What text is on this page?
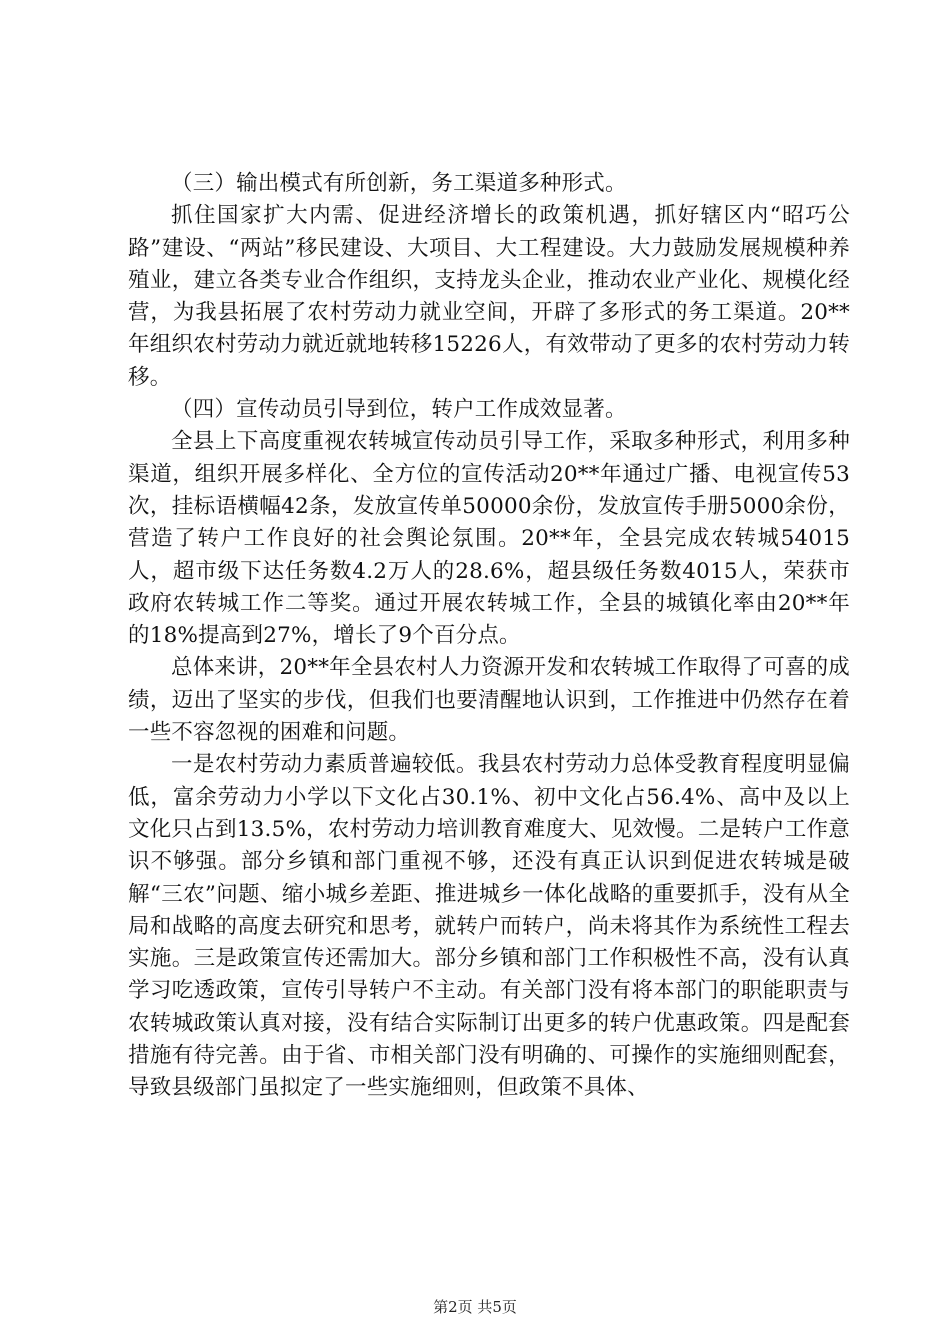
（三）输出模式有所创新，务工渠道多种形式。

抓住国家扩大内需、促进经济增长的政策机遇，抓好辖区内“昭巧公路”建设、“两站”移民建设、大项目、大工程建设。大力鼓励发展规模种养殖业，建立各类专业合作组织，支持龙头企业，推动农业产业化、规模化经营，为我县拓展了农村劳动力就业空间，开辟了多形式的务工渠道。20**年组织农村劳动力就近就地转移15226人，有效带动了更多的农村劳动力转移。

（四）宣传动员引导到位，转户工作成效显著。

全县上下高度重视农转城宣传动员引导工作，采取多种形式，利用多种渠道，组织开展多样化、全方位的宣传活动20**年通过广播、电视宣传53次，挂标语横幅42条，发放宣传单50000余份，发放宣传手册5000余份，营造了转户工作良好的社会舆论氛围。20**年，全县完成农转城54015人，超市级下达任务数4.2万人的28.6%，超县级任务数4015人，荣获市政府农转城工作二等奖。通过开展农转城工作，全县的城镇化率由20**年的18%提高到27%，增长了9个百分点。

总体来讲，20**年全县农村人力资源开发和农转城工作取得了可喜的成绩，迈出了坚实的步伐，但我们也要清醒地认识到，工作推进中仍然存在着一些不容忽视的困难和问题。

一是农村劳动力素质普遍较低。我县农村劳动力总体受教育程度明显偏低，富余劳动力小学以下文化占30.1%、初中文化占56.4%、高中及以上文化只占到13.5%，农村劳动力培训教育难度大、见效慢。二是转户工作意识不够强。部分乡镇和部门重视不够，还没有真正认识到促进农转城是破解“三农”问题、缩小城乡差距、推进城乡一体化战略的重要抓手，没有从全局和战略的高度去研究和思考，就转户而转户，尚未将其作为系统性工程去实施。三是政策宣传还需加大。部分乡镇和部门工作积极性不高，没有认真学习吃透政策，宣传引导转户不主动。有关部门没有将本部门的职能职责与农转城政策认真对接，没有结合实际制订出更多的转户优惠政策。四是配套措施有待完善。由于省、市相关部门没有明确的、可操作的实施细则配套，导致县级部门虽拟定了一些实施细则，但政策不具体、

第2页 共5页
